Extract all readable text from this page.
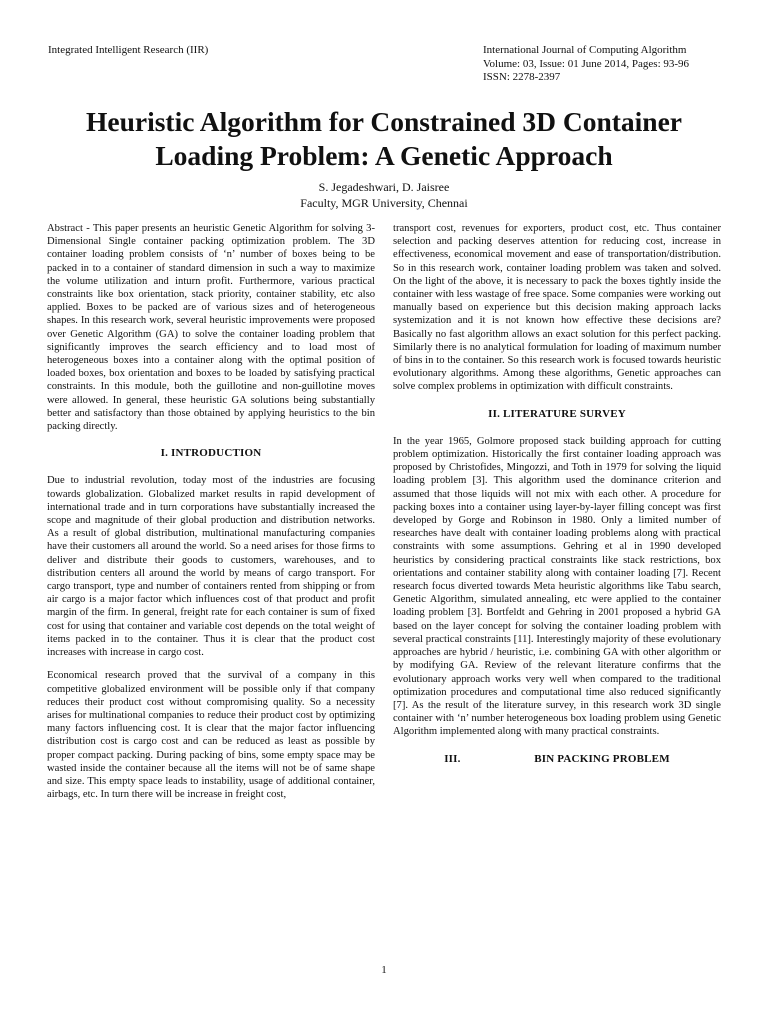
Integrated Intelligent Research (IIR)	International Journal of Computing Algorithm
Volume: 03, Issue: 01 June 2014, Pages: 93-96
ISSN: 2278-2397
Heuristic Algorithm for Constrained 3D Container Loading Problem: A Genetic Approach
S. Jegadeshwari, D. Jaisree
Faculty, MGR University, Chennai

Abstract - This paper presents an heuristic Genetic Algorithm for solving 3-Dimensional Single container packing optimization problem. The 3D container loading problem consists of ‘n’ number of boxes being to be packed in to a container of standard dimension in such a way to maximize the volume utilization and inturn profit. Furthermore, various practical constraints like box orientation, stack priority, container stability, etc also applied. Boxes to be packed are of various sizes and of heterogeneous shapes. In this research work, several heuristic improvements were proposed over Genetic Algorithm (GA) to solve the container loading problem that significantly improves the search efficiency and to load most of heterogeneous boxes into a container along with the optimal position of loaded boxes, box orientation and boxes to be loaded by satisfying practical constraints. In this module, both the guillotine and non-guillotine moves were allowed. In general, these heuristic GA solutions being substantially better and satisfactory than those obtained by applying heuristics to the bin packing directly.

I. INTRODUCTION

Due to industrial revolution, today most of the industries are focusing towards globalization. Globalized market results in rapid development of international trade and in turn corporations have substantially increased the scope and magnitude of their global production and distribution networks. As a result of global distribution, multinational manufacturing companies have their customers all around the world. So a need arises for those firms to deliver and distribute their goods to customers, warehouses, and to distribution centers all around the world by means of cargo transport. For cargo transport, type and number of containers rented from shipping or from air cargo is a major factor which influences cost of that product and profit margin of the firm. In general, freight rate for each container is sum of fixed cost for using that container and variable cost depends on the total weight of items packed in to the container. Thus it is clear that the product cost increases with increase in cargo cost.

Economical research proved that the survival of a company in this competitive globalized environment will be possible only if that company reduces their product cost without compromising quality. So a necessity arises for multinational companies to reduce their product cost by optimizing many factors influencing cost. It is clear that the major factor influencing distribution cost is cargo cost and can be reduced as least as possible by proper compact packing. During packing of bins, some empty space may be wasted inside the container because all the items will not be of same shape and size. This empty space leads to instability, usage of additional container, airbags, etc. In turn there will be increase in freight cost,

transport cost, revenues for exporters, product cost, etc. Thus container selection and packing deserves attention for reducing cost, increase in effectiveness, economical movement and ease of transportation/distribution. So in this research work, container loading problem was taken and solved. On the light of the above, it is necessary to pack the boxes tightly inside the container with less wastage of free space. Some companies were working out manually based on experience but this decision making approach lacks systemization and it is not known how effective these decisions are? Basically no fast algorithm allows an exact solution for this perfect packing. Similarly there is no analytical formulation for loading of maximum number of bins in to the container. So this research work is focused towards heuristic evolutionary algorithms. Among these algorithms, Genetic approaches can solve complex problems in optimization with difficult constraints.

II. LITERATURE SURVEY

In the year 1965, Golmore proposed stack building approach for cutting problem optimization. Historically the first container loading approach was proposed by Christofides, Mingozzi, and Toth in 1979 for solving the liquid loading problem [3]. This algorithm used the dominance criterion and assumed that those liquids will not mix with each other. A procedure for packing boxes into a container using layer-by-layer filling concept was first developed by Gorge and Robinson in 1980. Only a limited number of researches have dealt with container loading problems along with practical constraints with some assumptions. Gehring et al in 1990 developed heuristics by considering practical constraints like stack restrictions, box orientations and container stability along with container loading [7]. Recent research focus diverted towards Meta heuristic algorithms like Tabu search, Genetic Algorithm, simulated annealing, etc were applied to the container loading problem [3]. Bortfeldt and Gehring in 2001 proposed a hybrid GA based on the layer concept for solving the container loading problem with several practical constraints [11]. Interestingly majority of these evolutionary approaches are hybrid / heuristic, i.e. combining GA with other algorithm or by modifying GA. Review of the relevant literature confirms that the evolutionary approach works very well when compared to the traditional optimization procedures and computational time also reduced significantly [7]. As the result of the literature survey, in this research work 3D single container with ‘n’ number heterogeneous box loading problem using Genetic Algorithm implemented along with many practical constraints.

III.	BIN PACKING PROBLEM
1
